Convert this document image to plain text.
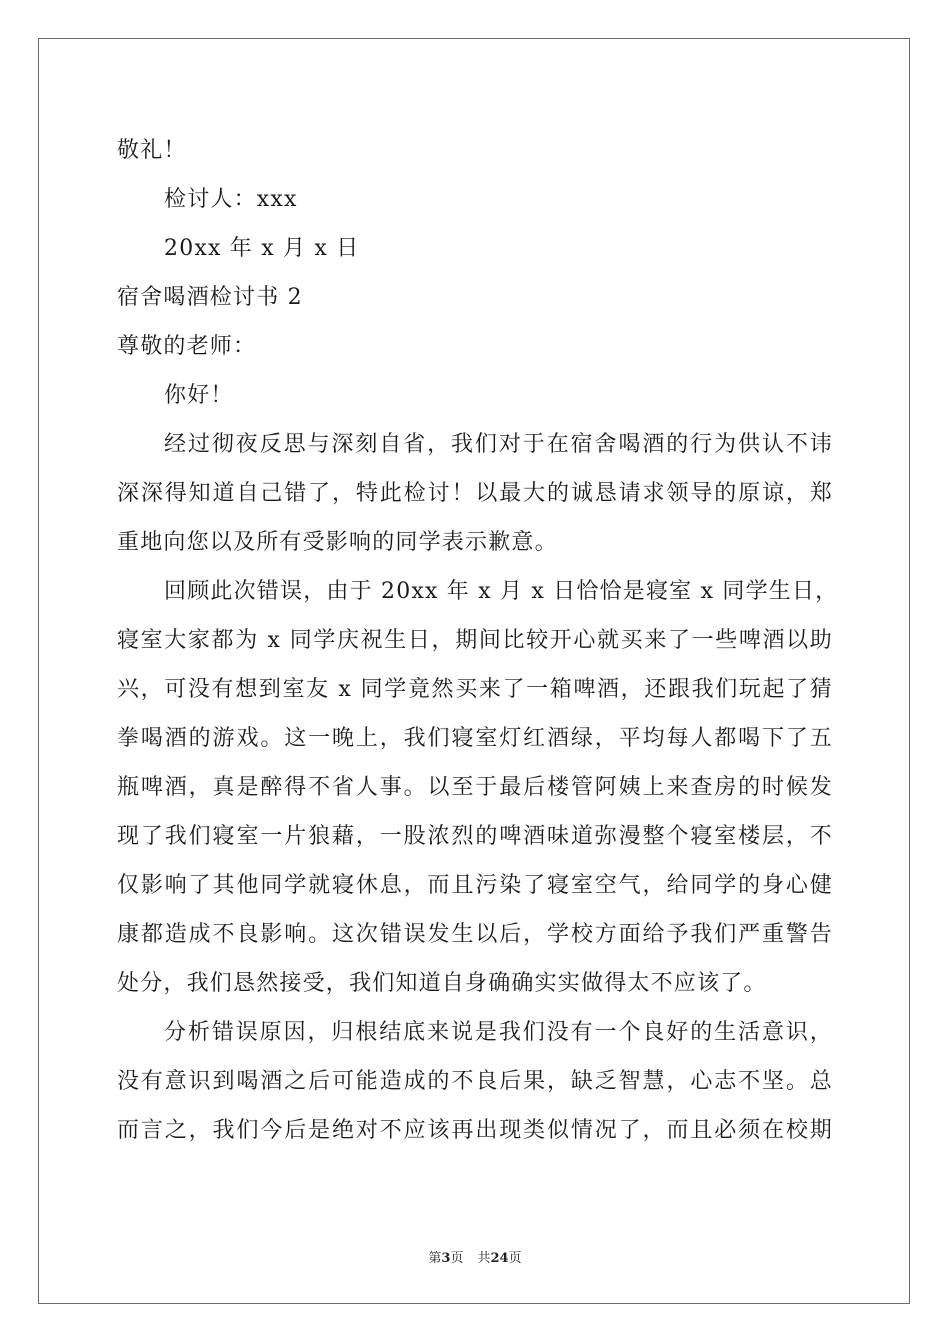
敬礼！
检讨人：xxx
20xx 年 x 月 x 日
宿舍喝酒检讨书 2
尊敬的老师：
你好！
经过彻夜反思与深刻自省，我们对于在宿舍喝酒的行为供认不讳
深深得知道自己错了，特此检讨！以最大的诚恳请求领导的原谅，郑
重地向您以及所有受影响的同学表示歉意。
回顾此次错误，由于 20xx 年 x 月 x 日恰恰是寝室 x 同学生日，
寝室大家都为 x 同学庆祝生日，期间比较开心就买来了一些啤酒以助
兴，可没有想到室友 x 同学竟然买来了一箱啤酒，还跟我们玩起了猜
拳喝酒的游戏。这一晚上，我们寝室灯红酒绿，平均每人都喝下了五
瓶啤酒，真是醉得不省人事。以至于最后楼管阿姨上来查房的时候发
现了我们寝室一片狼藉，一股浓烈的啤酒味道弥漫整个寝室楼层，不
仅影响了其他同学就寝休息，而且污染了寝室空气，给同学的身心健
康都造成不良影响。这次错误发生以后，学校方面给予我们严重警告
处分，我们恳然接受，我们知道自身确确实实做得太不应该了。
分析错误原因，归根结底来说是我们没有一个良好的生活意识，
没有意识到喝酒之后可能造成的不良后果，缺乏智慧，心志不坚。总
而言之，我们今后是绝对不应该再出现类似情况了，而且必须在校期
第3页 共24页
